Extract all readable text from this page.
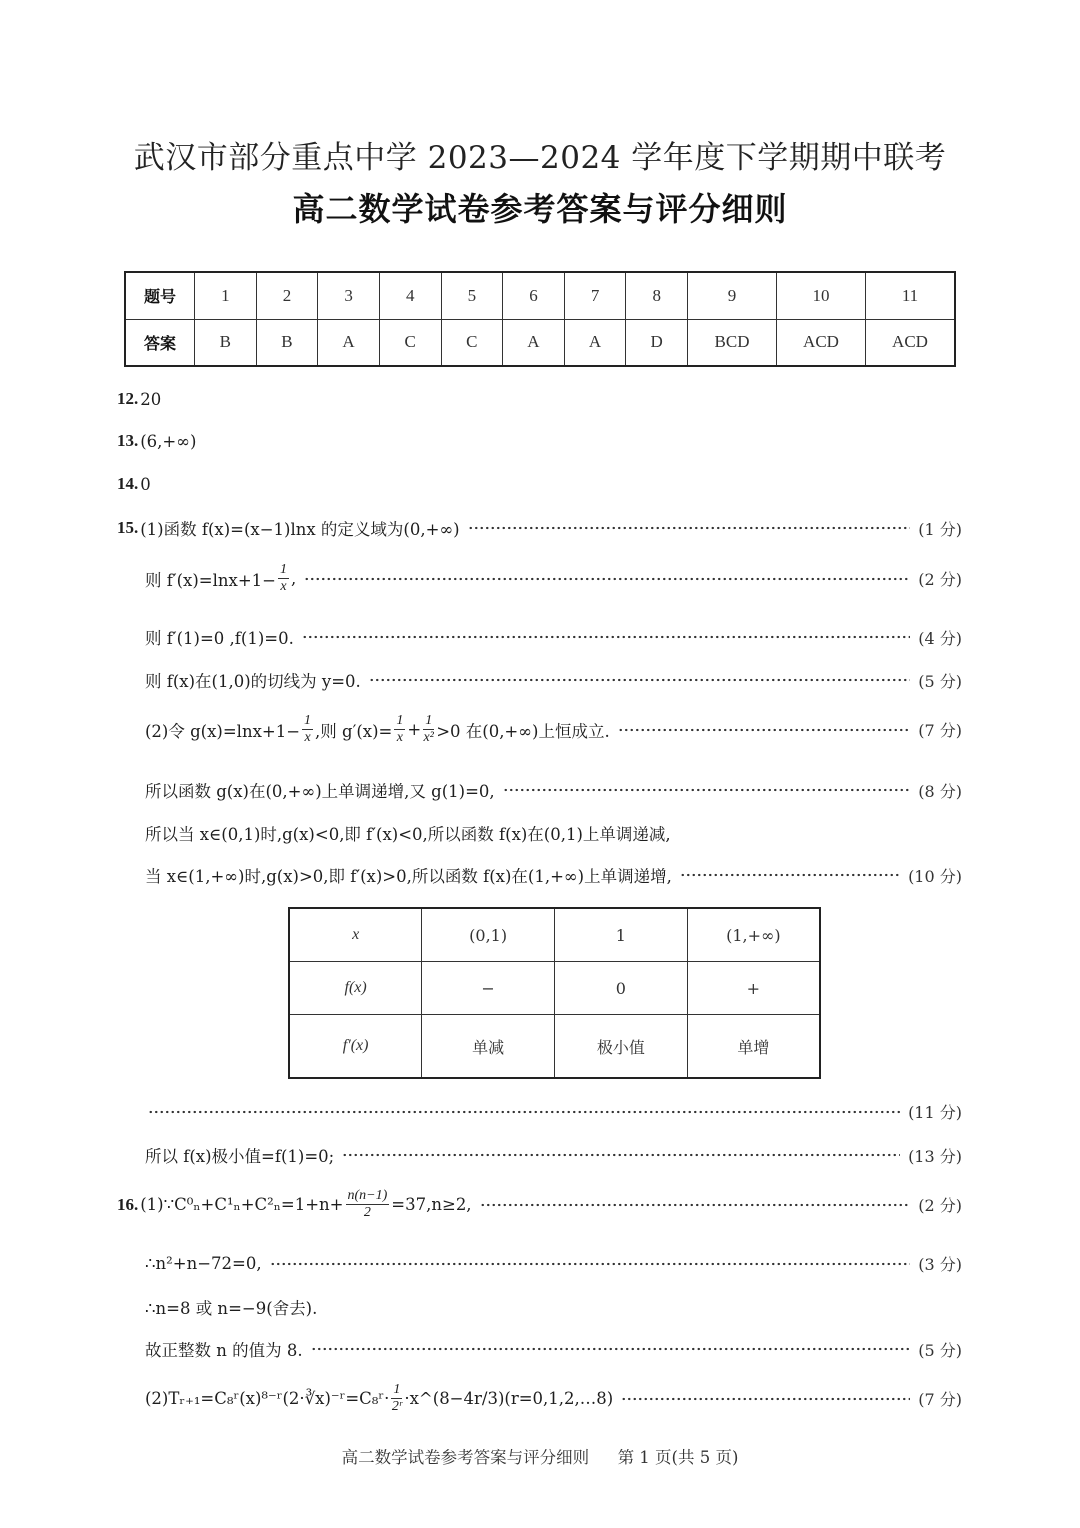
武汉市部分重点中学 2023—2024 学年度下学期期中联考
高二数学试卷参考答案与评分细则
题号	1	2	3	4	5	6	7	8	9	10	11
答案	B	B	A	C	C	A	A	D	BCD	ACD	ACD
12. 20
13. (6,+∞)
14. 0
15. (1)函数 f(x)=(x−1)lnx 的定义域为(0,+∞)	(1 分)
则 $f'(x)=\ln x+1- \frac{1}{x}$ ,	(2 分)
则 f′(1)=0 ,f(1)=0.	(4 分)
则 f(x)在(1,0)的切线为 y=0.	(5 分)
(2)令 $g(x)=\ln x+1- \frac{1}{x}$ ,则 $g'(x)= \frac{1}{x} + \frac{1}{\text{x²}} >0$ 在(0,+∞)上恒成立.	(7 分)
所以函数 g(x)在(0,+∞)上单调递增,又 g(1)=0,	(8 分)
所以当 x∈(0,1)时,g(x)<0,即 f′(x)<0,所以函数 f(x)在(0,1)上单调递减,
当 x∈(1,+∞)时,g(x)>0,即 f′(x)>0,所以函数 f(x)在(1,+∞)上单调递增,	(10 分)
x	(0,1)	1	(1,+∞)
f(x)	−	0	+
f′(x)	单减	极小值	单增
(11 分)
所以 f(x)极小值=f(1)=0;	(13 分)
16. (1)∵C⁰ₙ+C¹ₙ+C²ₙ=1+n+ $\frac{n(n-1)}{2} =37,n\ge 2$,	(2 分)
∴n²+n−72=0,	(3 分)
∴n=8 或 n=−9(舍去).
故正整数 n 的值为 8.	(5 分)
(2)Tᵣ₊₁=C₈ʳ(x)⁸⁻ʳ(2·∛x)⁻ʳ=C₈ʳ· $\frac{1}{\text{2ʳ}}$ ·x^(8−4r/3)(r=0,1,2,…8)	(7 分)
高二数学试卷参考答案与评分细则 第 1 页(共 5 页)
